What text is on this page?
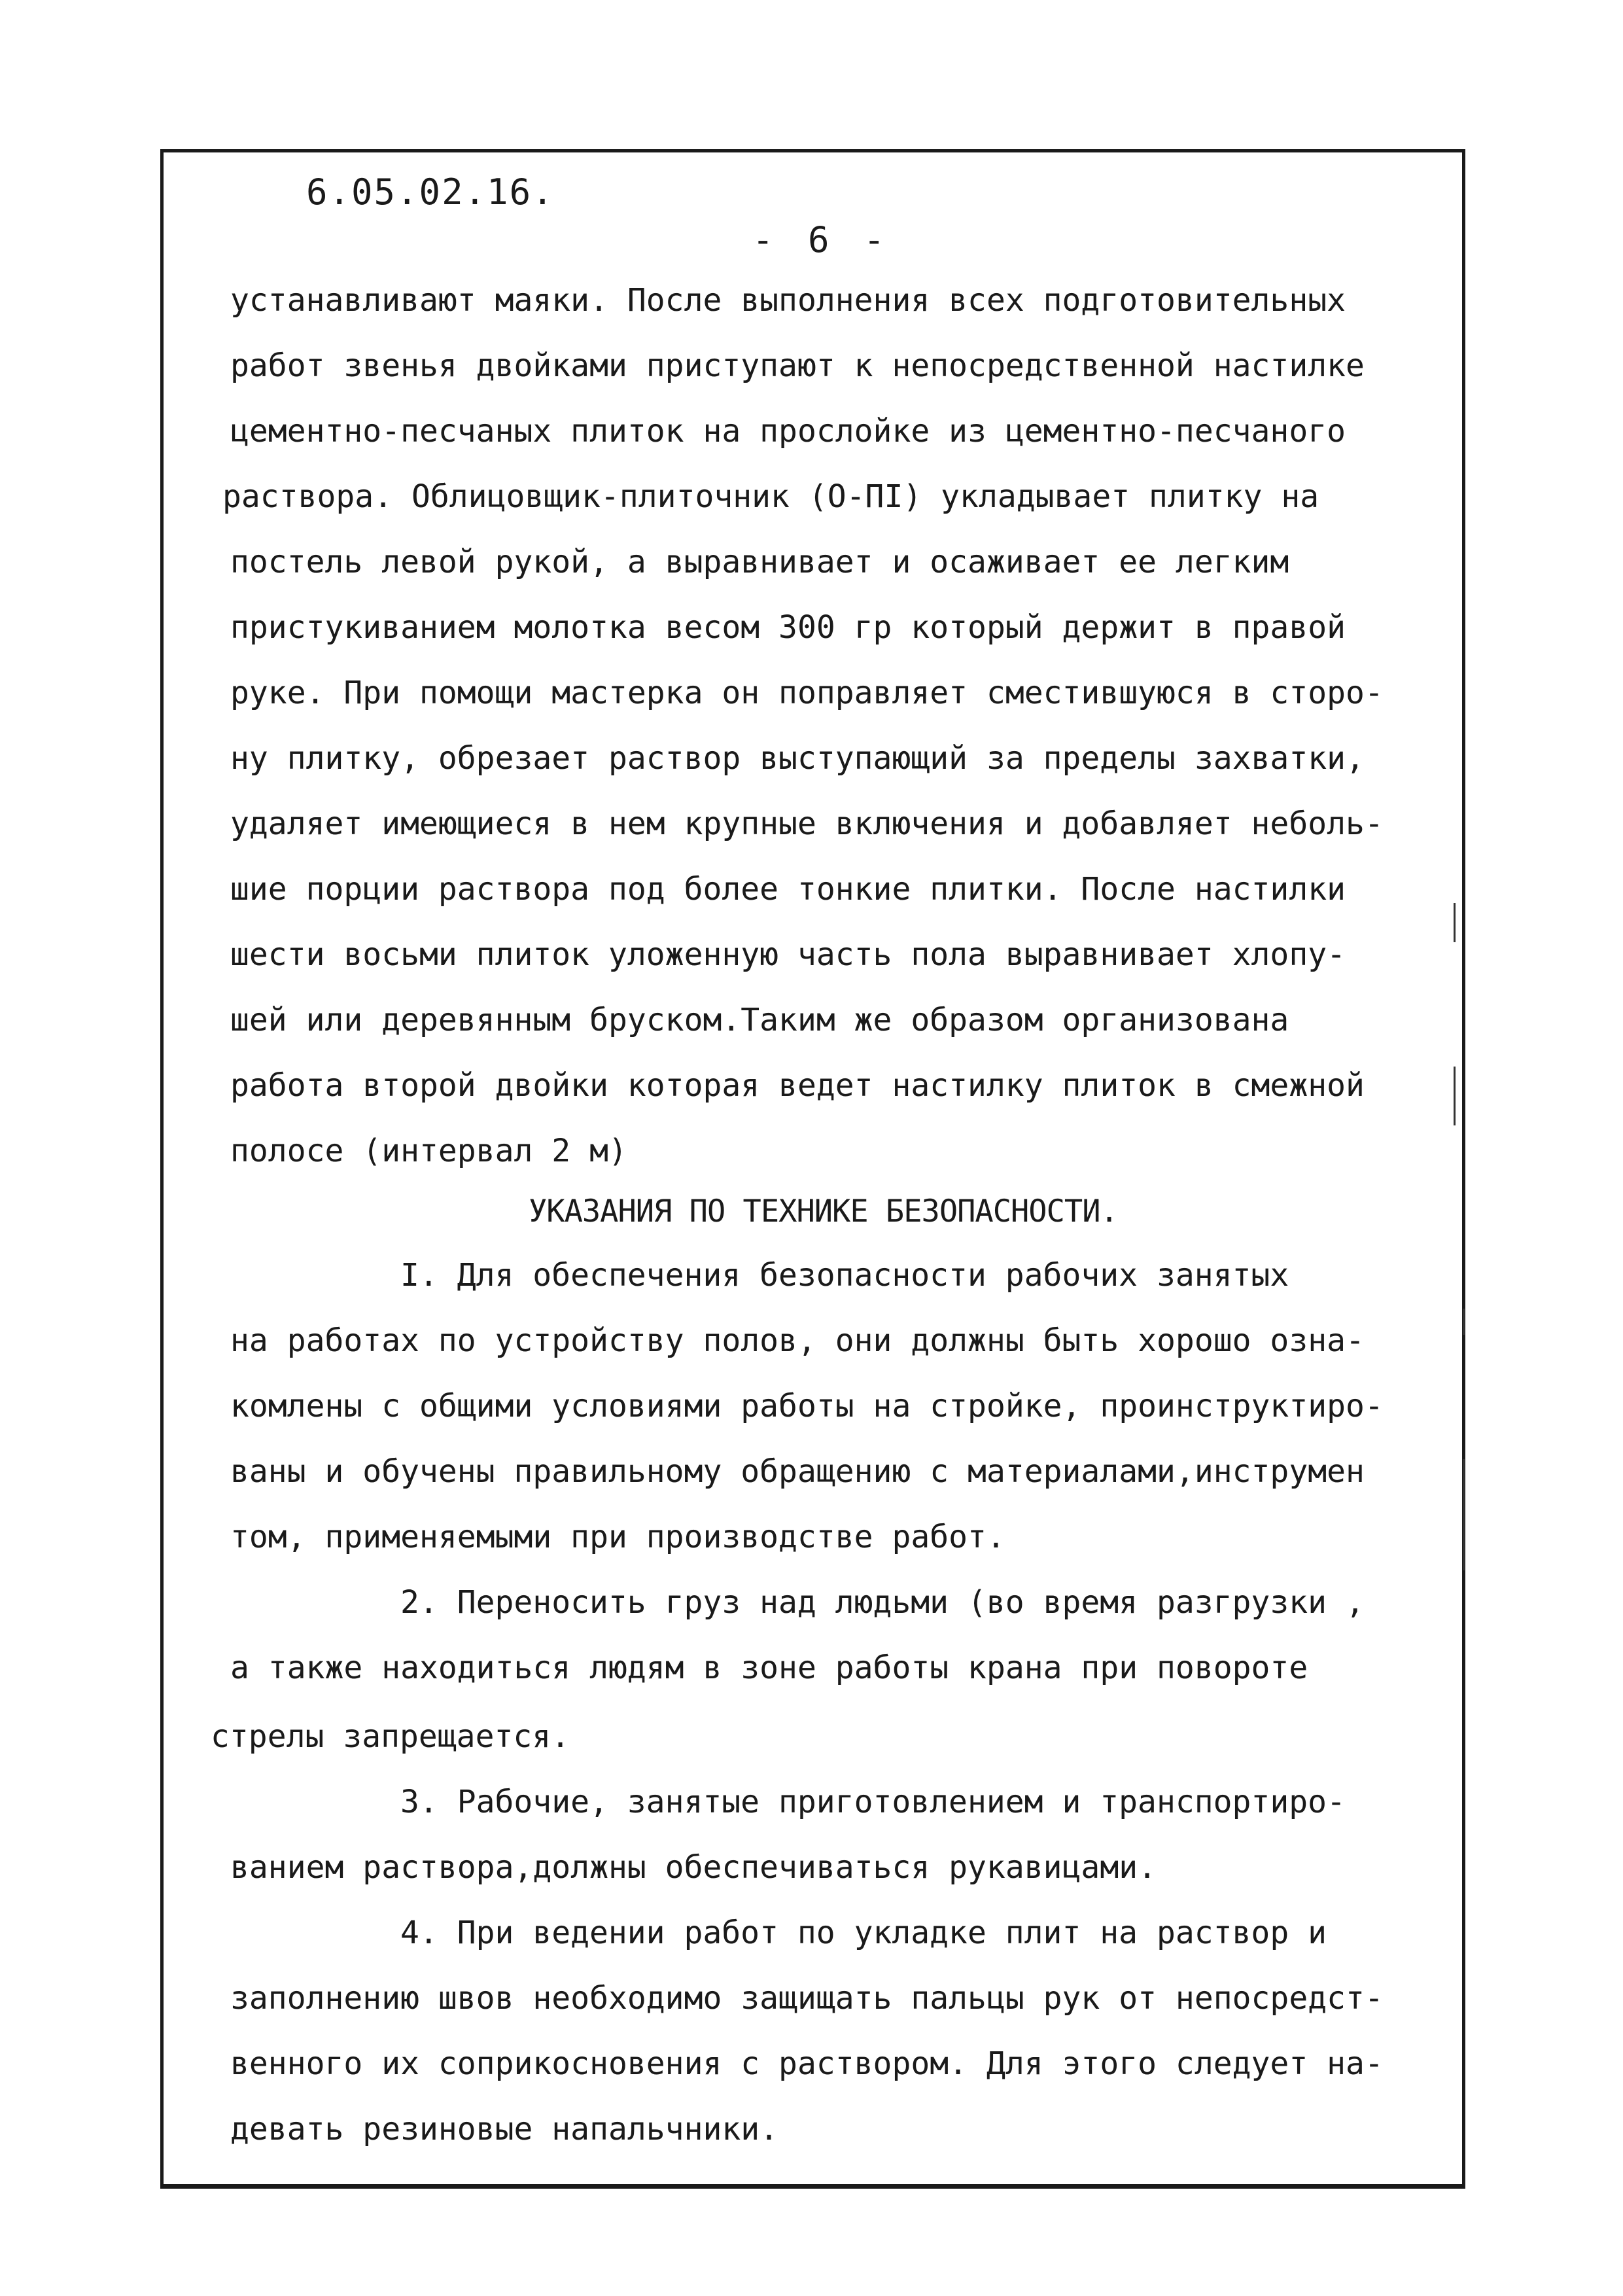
6.05.02.16.
- 6 -
устанавливают маяки. После выполнения всех подготовительных
работ звенья двойками приступают к непосредственной настилке
цементно-песчаных плиток на прослойке из цементно-песчаного
раствора. Облицовщик-плиточник (О-ПI) укладывает плитку на
постель левой рукой, а выравнивает и осаживает ее легким
пристукиванием молотка весом 300 гр который держит в правой
руке. При помощи мастерка он поправляет сместившуюся в сторо-
ну плитку, обрезает раствор выступающий за пределы захватки,
удаляет имеющиеся в нем крупные включения и добавляет неболь-
шие порции раствора под более тонкие плитки. После настилки
шести восьми плиток уложенную часть пола выравнивает хлопу-
шей или деревянным бруском.Таким же образом организована
работа второй двойки которая ведет настилку плиток в смежной
полосе (интервал 2 м)
УКАЗАНИЯ ПО ТЕХНИКЕ БЕЗОПАСНОСТИ.
I. Для обеспечения безопасности рабочих занятых
на работах по устройству полов, они должны быть хорошо озна-
комлены с общими условиями работы на стройке, проинструктиро-
ваны и обучены правильному обращению с материалами,инструмен
том, применяемыми при производстве работ.
2. Переносить груз над людьми (во время разгрузки ,
а также находиться людям в зоне работы крана при повороте
стрелы запрещается.
3. Рабочие, занятые приготовлением и транспортиро-
ванием раствора,должны обеспечиваться рукавицами.
4. При ведении работ по укладке плит на раствор и
заполнению швов необходимо защищать пальцы рук от непосредст-
венного их соприкосновения с раствором. Для этого следует на-
девать резиновые напальчники.
